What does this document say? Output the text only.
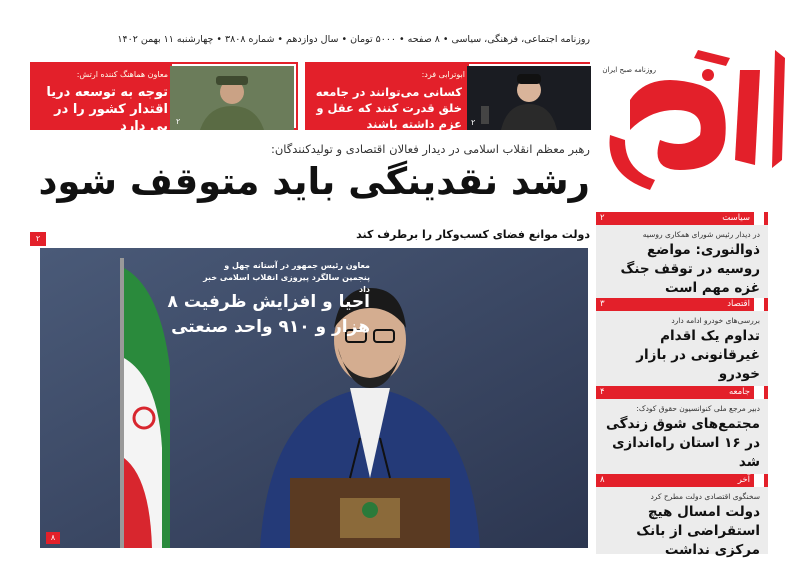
روزنامه اجتماعی، فرهنگی، سیاسی • ۸ صفحه • ۵۰۰۰ تومان • سال دوازدهم • شماره ۳۸۰۸ • چهارشنبه ۱۱ بهمن ۱۴۰۲
روزنامه صبح ایران
ابوترابی فرد:
کسانی می‌توانند در جامعه خلق قدرت کنند که عقل و عزم داشته باشند ۲
معاون هماهنگ کننده ارتش:
توجه به توسعه دریا اقتدار کشور را در پی دارد ۲
رهبر معظم انقلاب اسلامی در دیدار فعالان اقتصادی و تولیدکنندگان:
رشد نقدینگی باید متوقف شود
دولت موانع فضای کسب‌وکار را برطرف کند
۲
معاون رئیس جمهور در آستانه چهل و پنجمین سالگرد پیروزی انقلاب اسلامی خبر داد
احیا و افزایش ظرفیت ۸ هزار و ۹۱۰ واحد صنعتی
۸
سیاست
۲
در دیدار رئیس شورای همکاری روسیه
ذوالنوری: مواضع روسیه در توقف جنگ غزه مهم است
اقتصاد
۳
بررسی‌های خودرو ادامه دارد
تداوم یک اقدام غیرقانونی در بازار خودرو
جامعه
۴
دبیر مرجع ملی کنوانسیون حقوق کودک:
مجتمع‌های شوق زندگی در ۱۶ استان راه‌اندازی شد
آخر
۸
سخنگوی اقتصادی دولت مطرح کرد
دولت امسال هیچ استقراضی از بانک مرکزی نداشت
